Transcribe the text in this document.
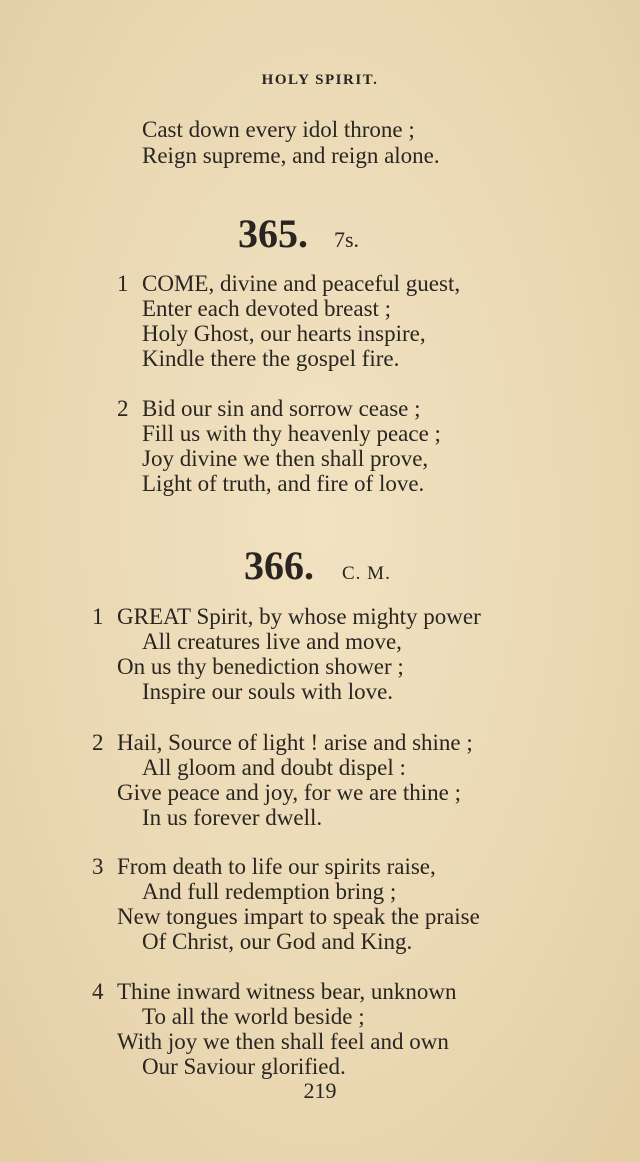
HOLY SPIRIT.
Cast down every idol throne ;
Reign supreme, and reign alone.
365. 7s.
1 COME, divine and peaceful guest,
Enter each devoted breast ;
Holy Ghost, our hearts inspire,
Kindle there the gospel fire.
2 Bid our sin and sorrow cease ;
Fill us with thy heavenly peace ;
Joy divine we then shall prove,
Light of truth, and fire of love.
366. C. M.
1 GREAT Spirit, by whose mighty power
All creatures live and move,
On us thy benediction shower ;
Inspire our souls with love.
2 Hail, Source of light ! arise and shine ;
All gloom and doubt dispel :
Give peace and joy, for we are thine ;
In us forever dwell.
3 From death to life our spirits raise,
And full redemption bring ;
New tongues impart to speak the praise
Of Christ, our God and King.
4 Thine inward witness bear, unknown
To all the world beside ;
With joy we then shall feel and own
Our Saviour glorified.
219
